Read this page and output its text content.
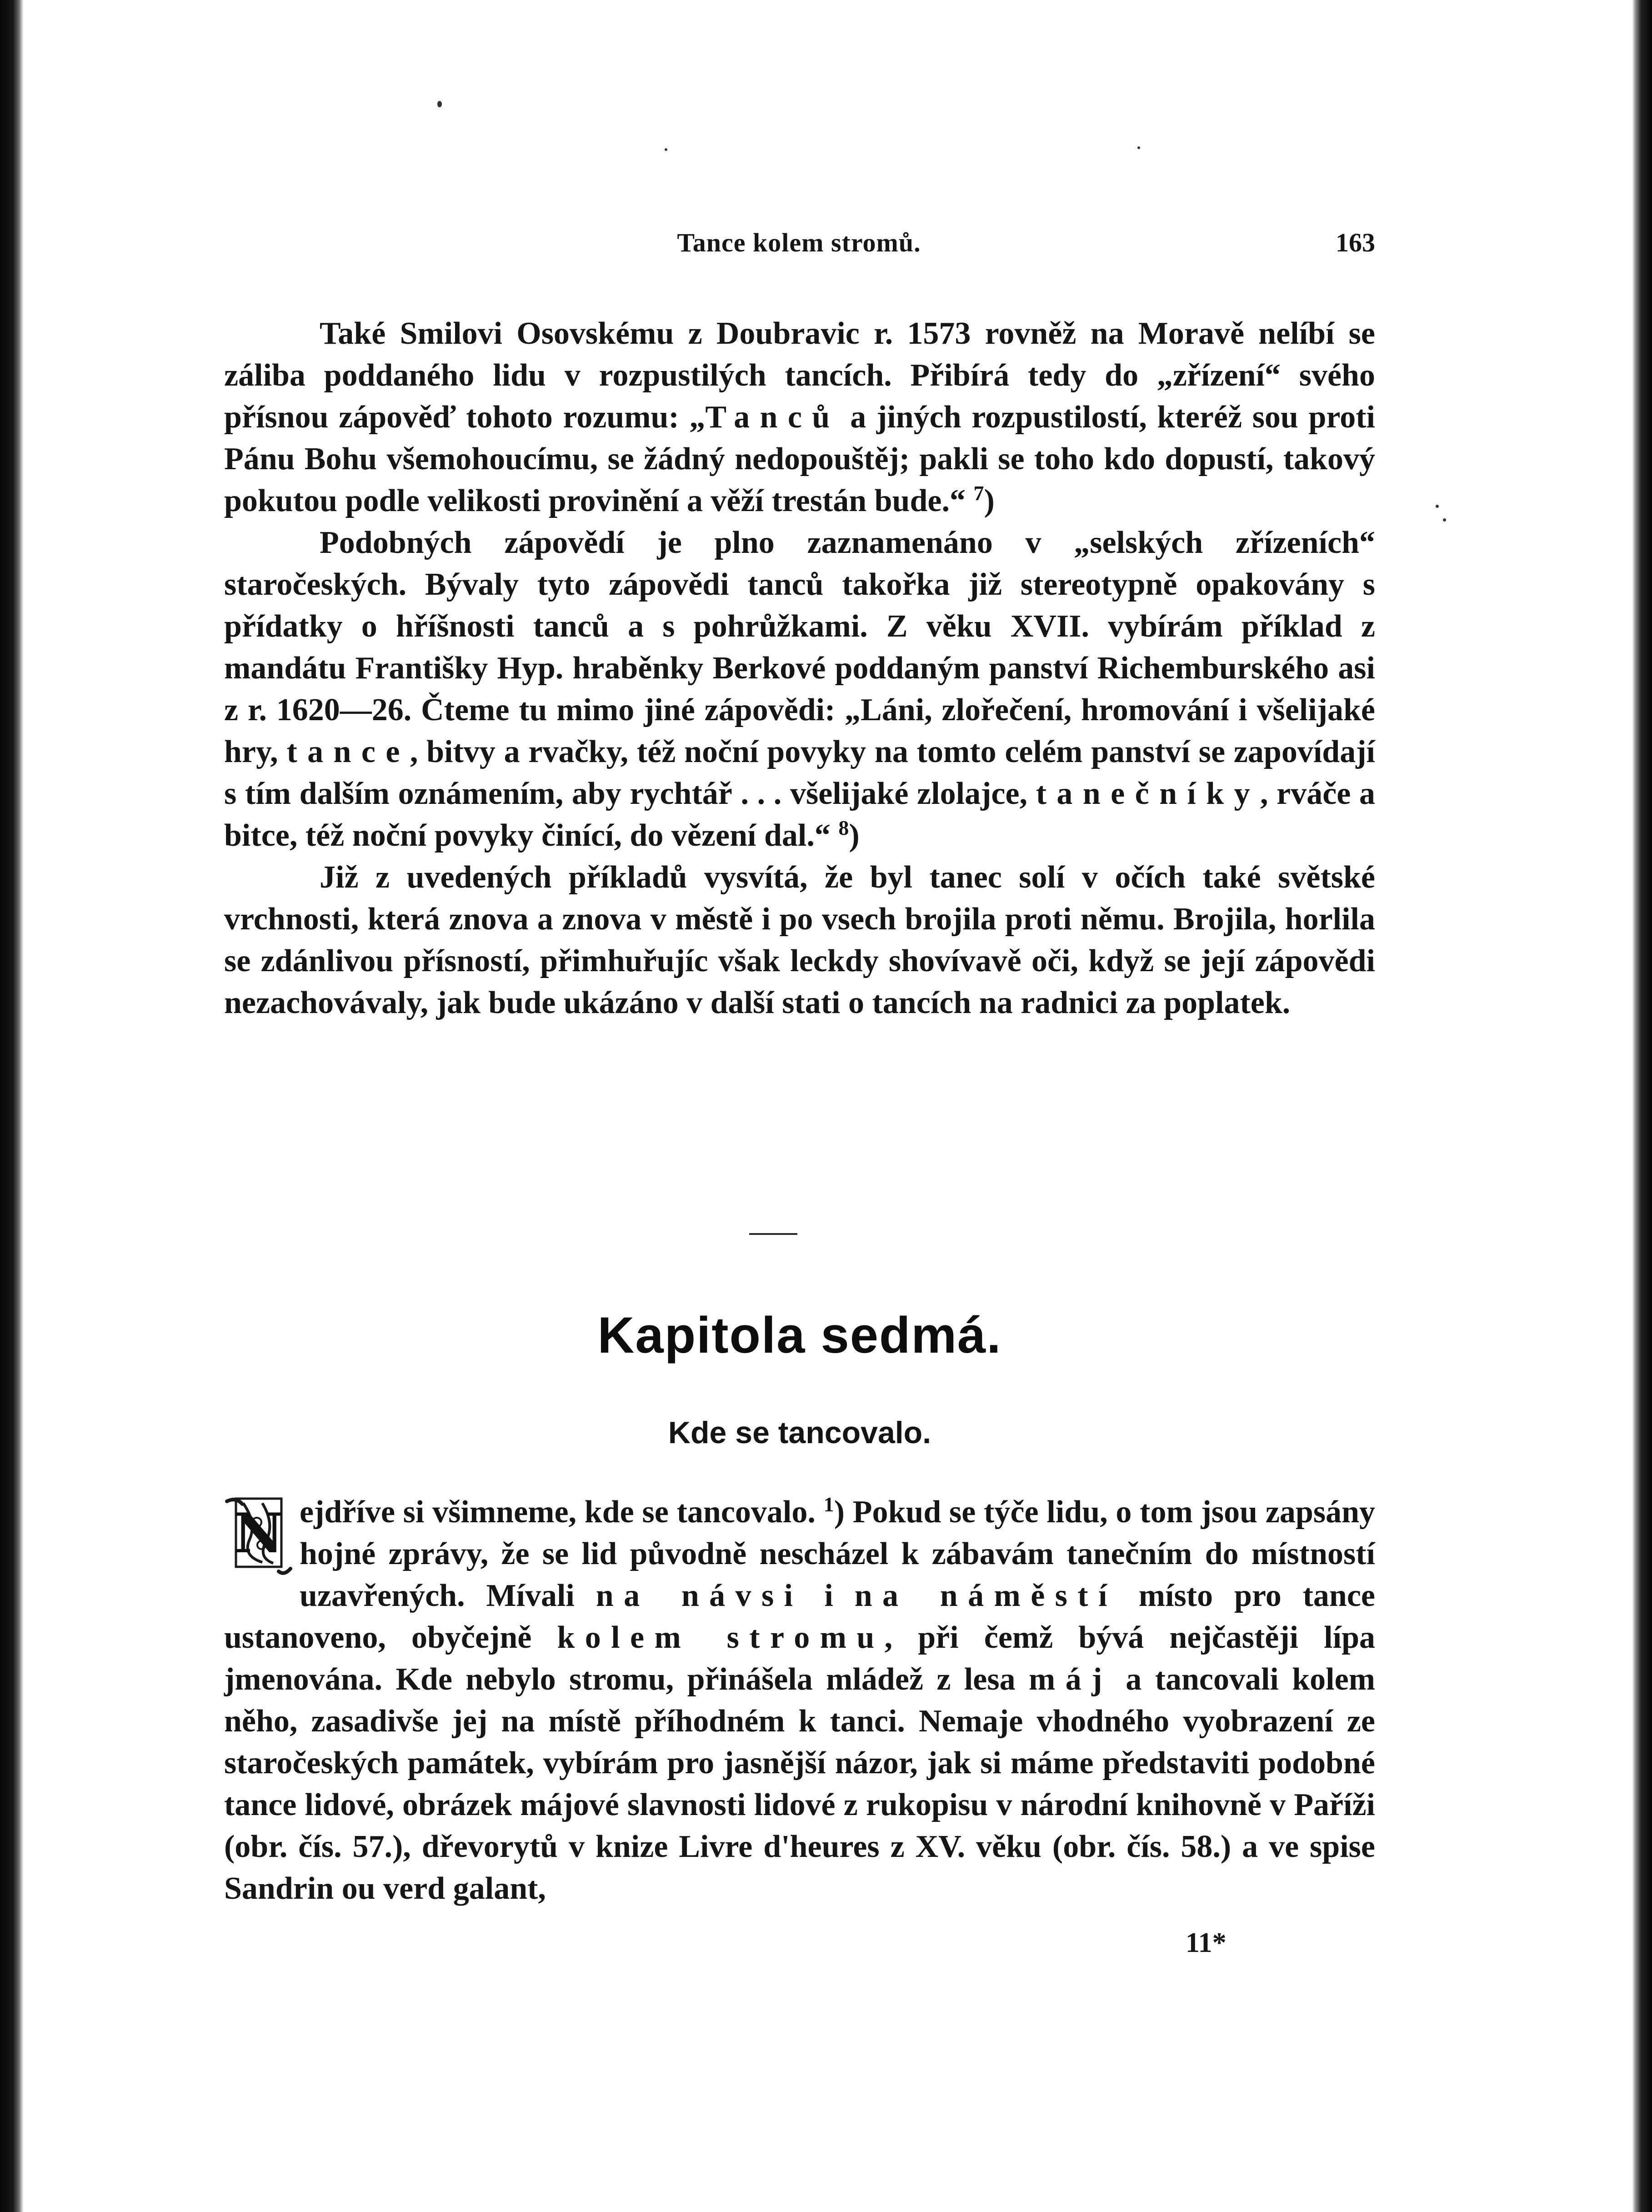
Tance kolem stromů.	163

Také Smilovi Osovskému z Doubravic r. 1573 rovněž na Moravě nelíbí se záliba poddaného lidu v rozpustilých tancích. Přibírá tedy do „zřízení“ svého přísnou zápověď tohoto rozumu: „Tanců a jiných rozpustilostí, kteréž sou proti Pánu Bohu všemohoucímu, se žádný nedopouštěj; pakli se toho kdo dopustí, takový pokutou podle velikosti provinění a věží trestán bude.“ $^7$)

Podobných zápovědí je plno zaznamenáno v „selských zřízeních“ staročeských. Bývaly tyto zápovědi tanců takořka již stereotypně opakovány s přídatky o hříšnosti tanců a s pohrůžkami. Z věku XVII. vybírám příklad z mandátu Františky Hyp. hraběnky Berkové poddaným panství Richemburského asi z r. 1620—26. Čteme tu mimo jiné zápovědi: „Láni, zlořečení, hromování i všelijaké hry, tance, bitvy a rvačky, též noční povyky na tomto celém panství se zapovídají s tím dalším oznámením, aby rychtář . . . všelijaké zlolajce, tanečníky, rváče a bitce, též noční povyky činící, do vězení dal.“ $^8$)

Již z uvedených příkladů vysvítá, že byl tanec solí v očích také světské vrchnosti, která znova a znova v městě i po vsech brojila proti němu. Brojila, horlila se zdánlivou přísností, přimhuřujíc však leckdy shovívavě oči, když se její zápovědi nezachovávaly, jak bude ukázáno v další stati o tancích na radnici za poplatek.

Kapitola sedmá.
Kde se tancovalo.

N ejdříve si všimneme, kde se tancovalo. $^1$) Pokud se týče lidu, o tom jsou zapsány hojné zprávy, že se lid původně nescházel k zábavám tanečním do místností uzavřených. Mívali na návsi i na náměstí místo pro tance ustanoveno, obyčejně kolem stromu, při čemž bývá nejčastěji lípa jmenována. Kde nebylo stromu, přinášela mládež z lesa máj a tancovali kolem něho, zasadivše jej na místě příhodném k tanci. Nemaje vhodného vyobrazení ze staročeských památek, vybírám pro jasnější názor, jak si máme představiti podobné tance lidové, obrázek májové slavnosti lidové z rukopisu v národní knihovně v Paříži (obr. čís. 57.), dřevorytů v knize Livre d'heures z XV. věku (obr. čís. 58.) a ve spise Sandrin ou verd galant,

11*
